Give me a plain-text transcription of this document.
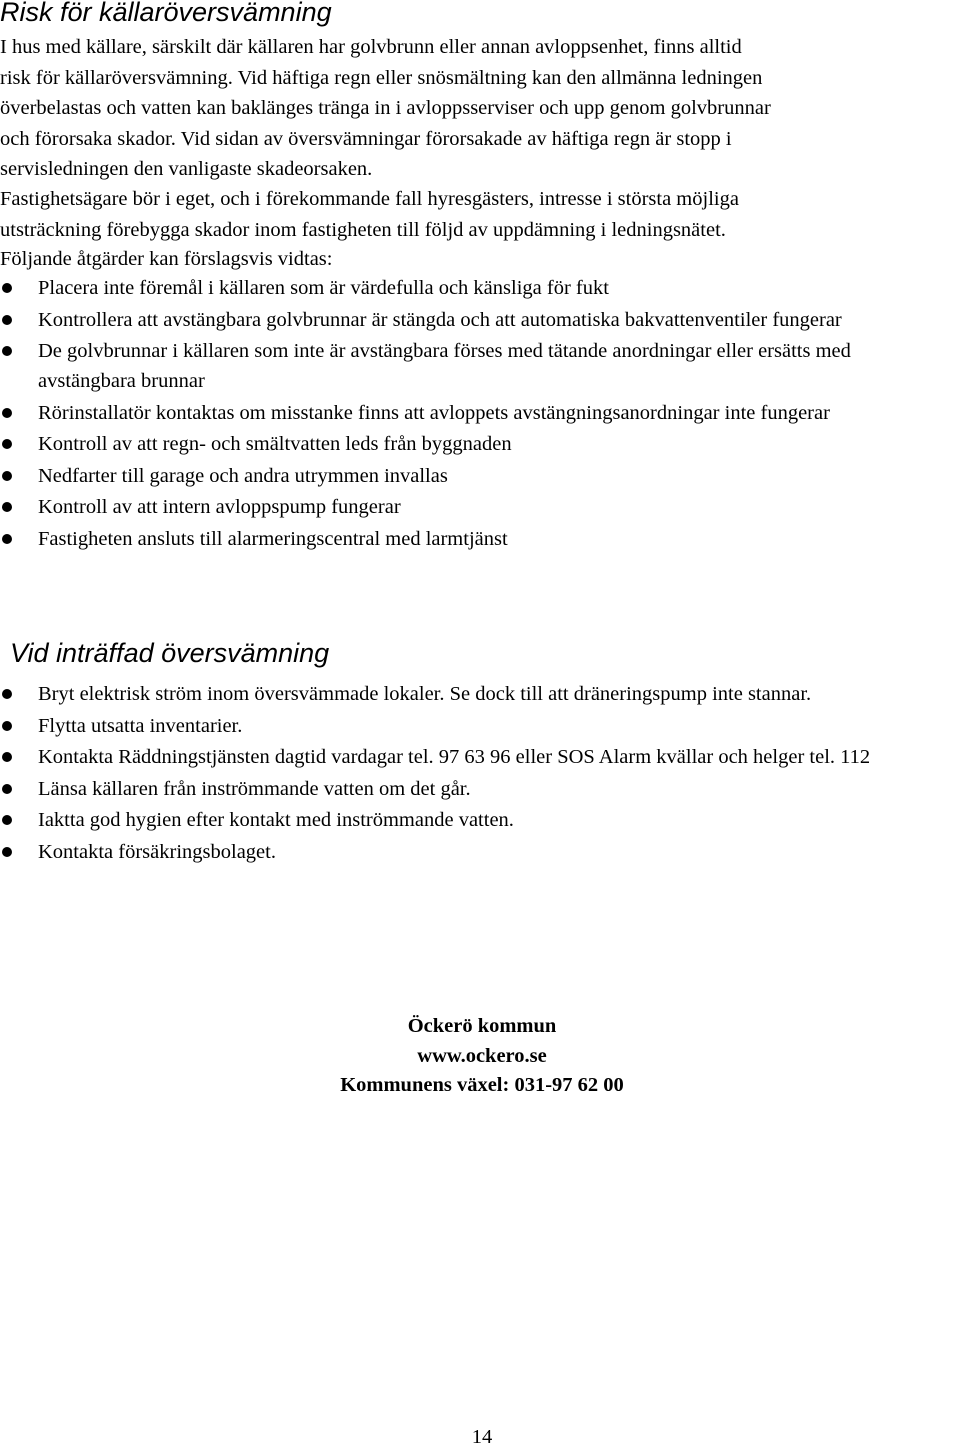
Risk för källaröversvämning
I hus med källare, särskilt där källaren har golvbrunn eller annan avloppsenhet, finns alltid
risk för källaröversvämning. Vid häftiga regn eller snösmältning kan den allmänna ledningen
överbelastas och vatten kan baklänges tränga in i avloppsserviser och upp genom golvbrunnar
och förorsaka skador. Vid sidan av översvämningar förorsakade av häftiga regn är stopp i
servisledningen den vanligaste skadeorsaken.
Fastighetsägare bör i eget, och i förekommande fall hyresgästers, intresse i största möjliga
utsträckning förebygga skador inom fastigheten till följd av uppdämning i ledningsnätet.
Följande åtgärder kan förslagsvis vidtas:
Placera inte föremål i källaren som är värdefulla och känsliga för fukt
Kontrollera att avstängbara golvbrunnar är stängda och att automatiska bakvattenventiler fungerar
De golvbrunnar i källaren som inte är avstängbara förses med tätande anordningar eller ersätts med avstängbara brunnar
Rörinstallatör kontaktas om misstanke finns att avloppets avstängningsanordningar inte fungerar
Kontroll av att regn- och smältvatten leds från byggnaden
Nedfarter till garage och andra utrymmen invallas
Kontroll av att intern avloppspump fungerar
Fastigheten ansluts till alarmeringscentral med larmtjänst
Vid inträffad översvämning
Bryt elektrisk ström inom översvämmade lokaler. Se dock till att dräneringspump inte stannar.
Flytta utsatta inventarier.
Kontakta Räddningstjänsten dagtid vardagar tel. 97 63 96 eller SOS Alarm kvällar och helger tel. 112
Länsa källaren från inströmmande vatten om det går.
Iaktta god hygien efter kontakt med inströmmande vatten.
Kontakta försäkringsbolaget.
Öckerö kommun
www.ockero.se
Kommunens växel: 031-97 62 00
14
